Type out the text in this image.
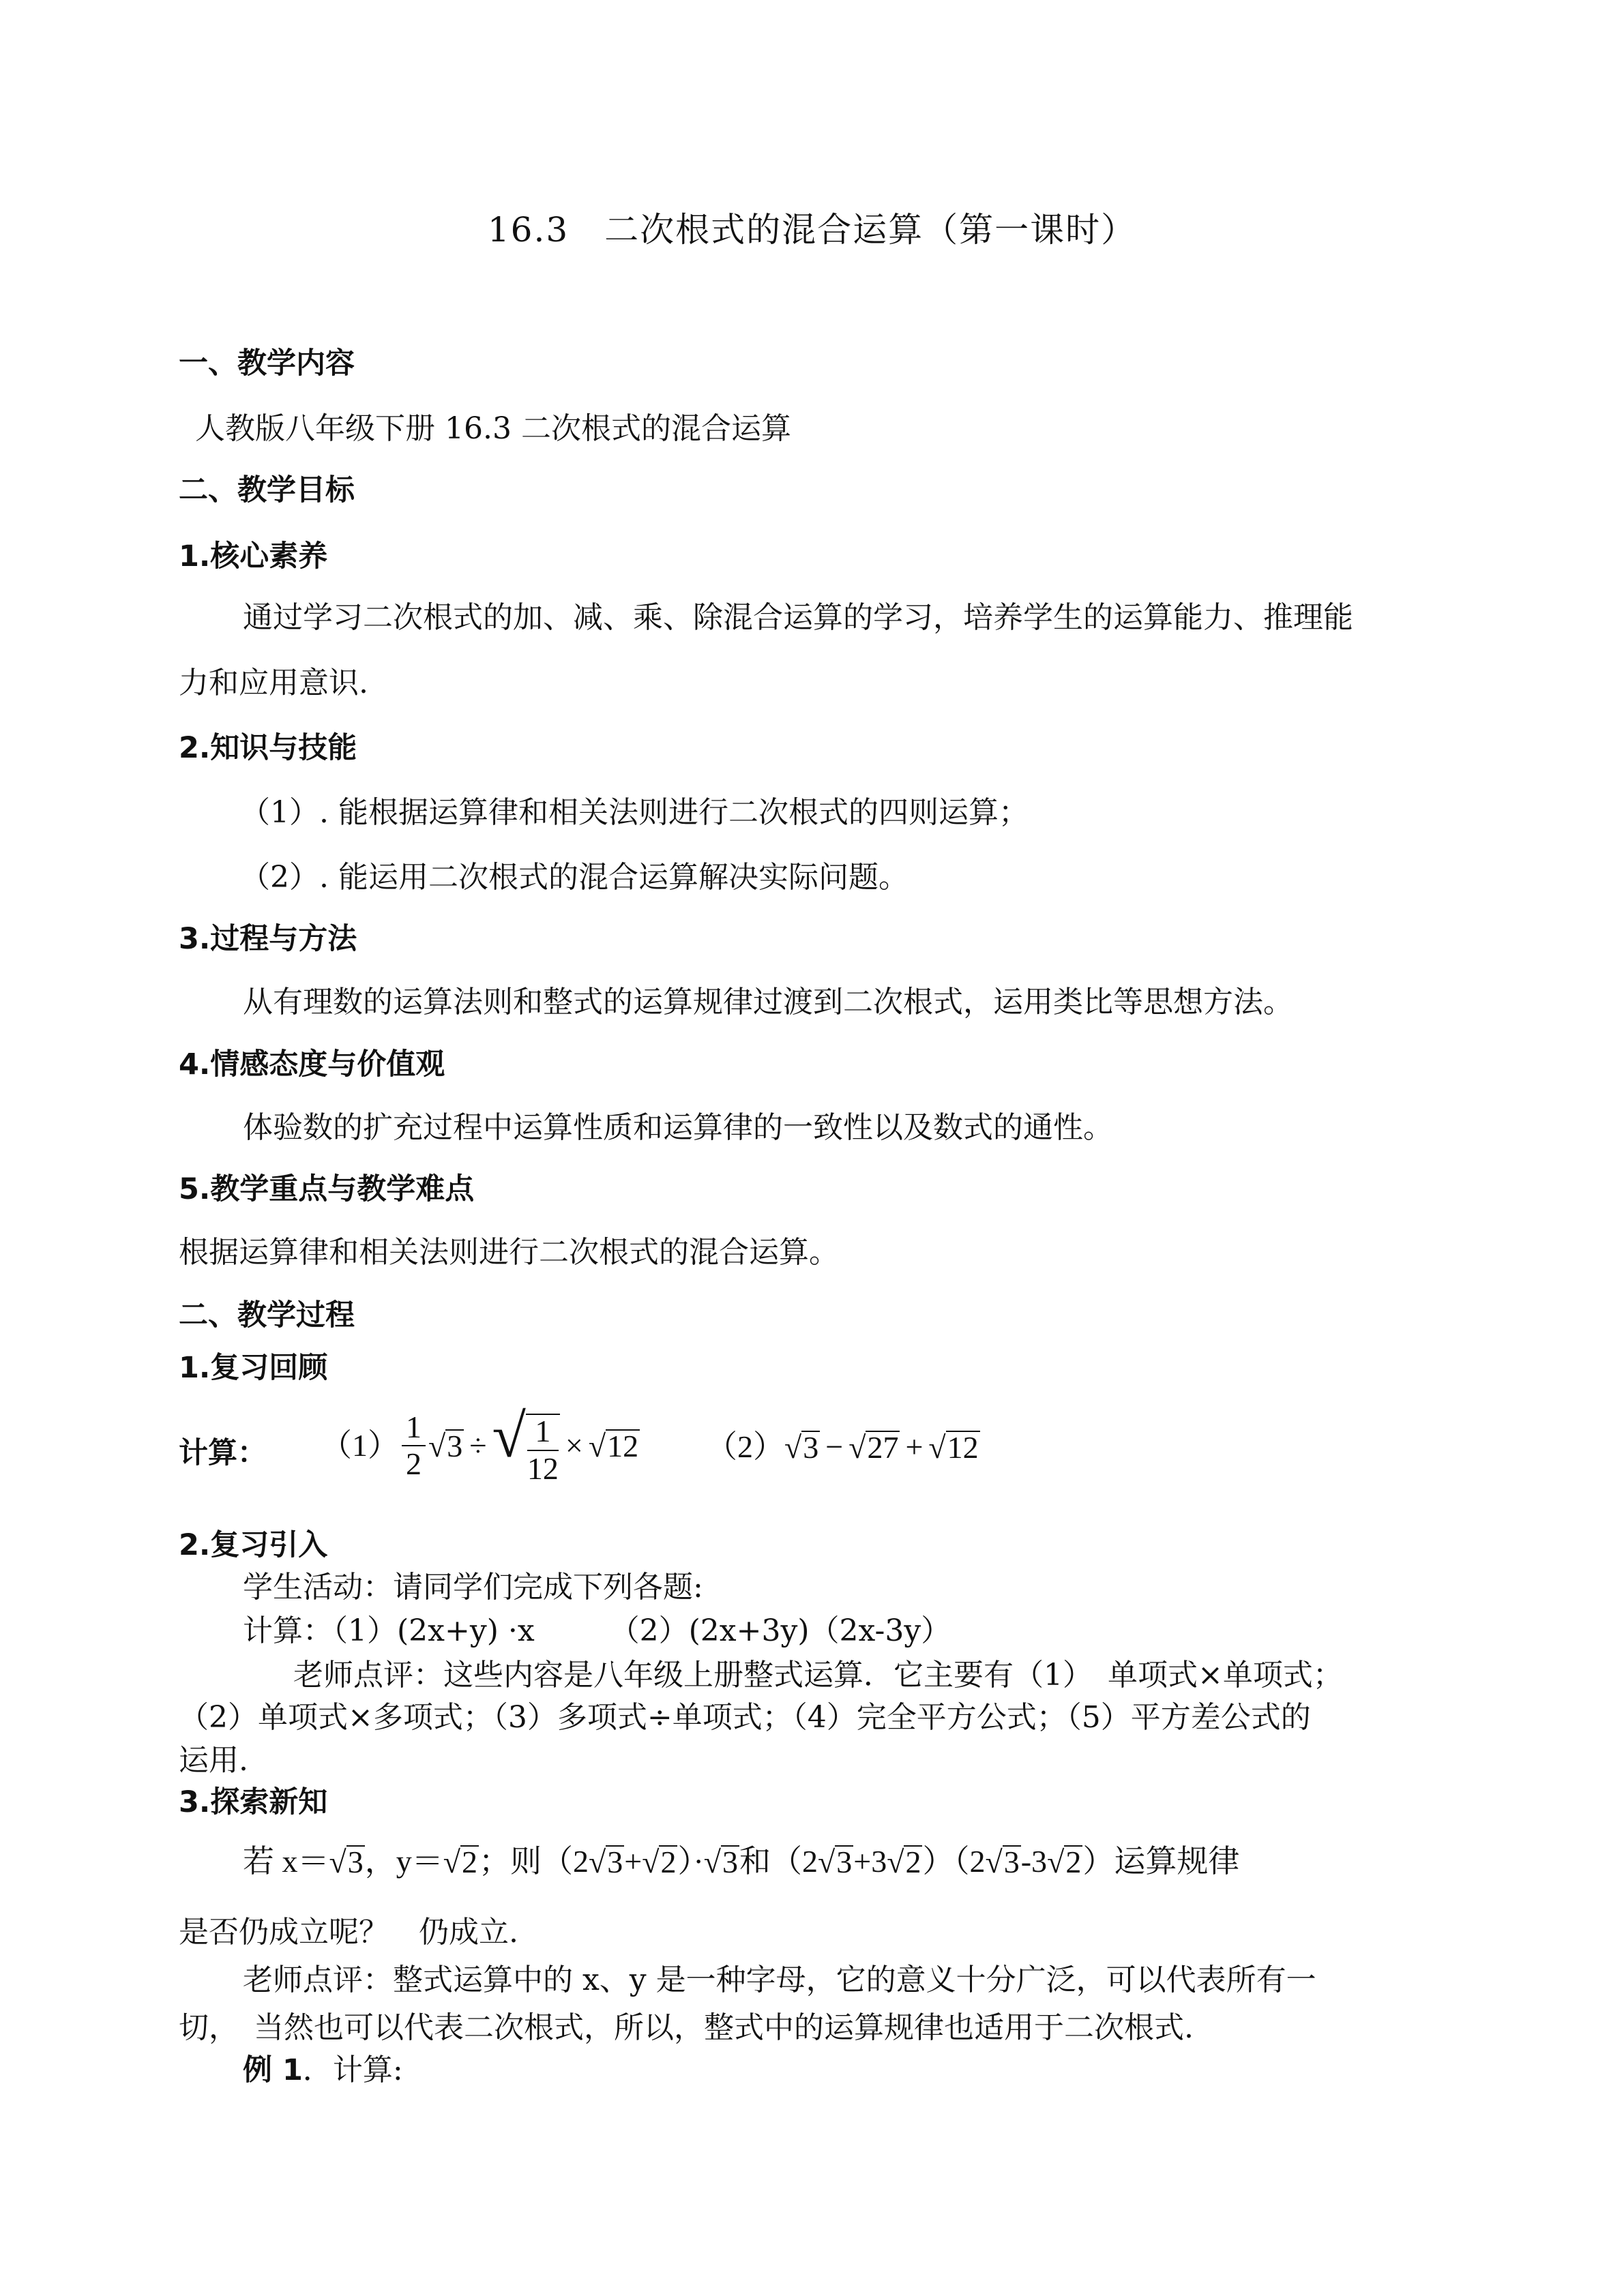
16.3　二次根式的混合运算（第一课时）
一、教学内容
人教版八年级下册 16.3 二次根式的混合运算
二、教学目标
1.核心素养
通过学习二次根式的加、减、乘、除混合运算的学习，培养学生的运算能力、推理能
力和应用意识.
2.知识与技能
（1）. 能根据运算律和相关法则进行二次根式的四则运算；
（2）. 能运用二次根式的混合运算解决实际问题。
3.过程与方法
从有理数的运算法则和整式的运算规律过渡到二次根式，运用类比等思想方法。
4.情感态度与价值观
体验数的扩充过程中运算性质和运算律的一致性以及数式的通性。
5.教学重点与教学难点
根据运算律和相关法则进行二次根式的混合运算。
二、教学过程
1.复习回顾
计算： $(1) \frac{1}{2} √3$ ÷ √ $\frac{1}{12} \times √12$ （2） √3 − √27 + √12
2.复习引入
学生活动：请同学们完成下列各题:
计算：（1）(2x+y) ·x　　　（2）(2x+3y)（2x-3y）
老师点评：这些内容是八年级上册整式运算．它主要有（1）　单项式×单项式；
（2）单项式×多项式；（3）多项式÷单项式；（4）完全平方公式；（5）平方差公式的
运用.
3.探索新知
若 x＝ √3 ，y＝ √2 ；则（2 √3 + √2 ）· √3 和（2 √3 +3 √2 ）（2 √3 -3 √2 ）运算规律
是否仍成立呢？　仍成立.
老师点评：整式运算中的 x、y 是一种字母，它的意义十分广泛，可以代表所有一
切，　当然也可以代表二次根式，所以，整式中的运算规律也适用于二次根式.
例 1．计算:
